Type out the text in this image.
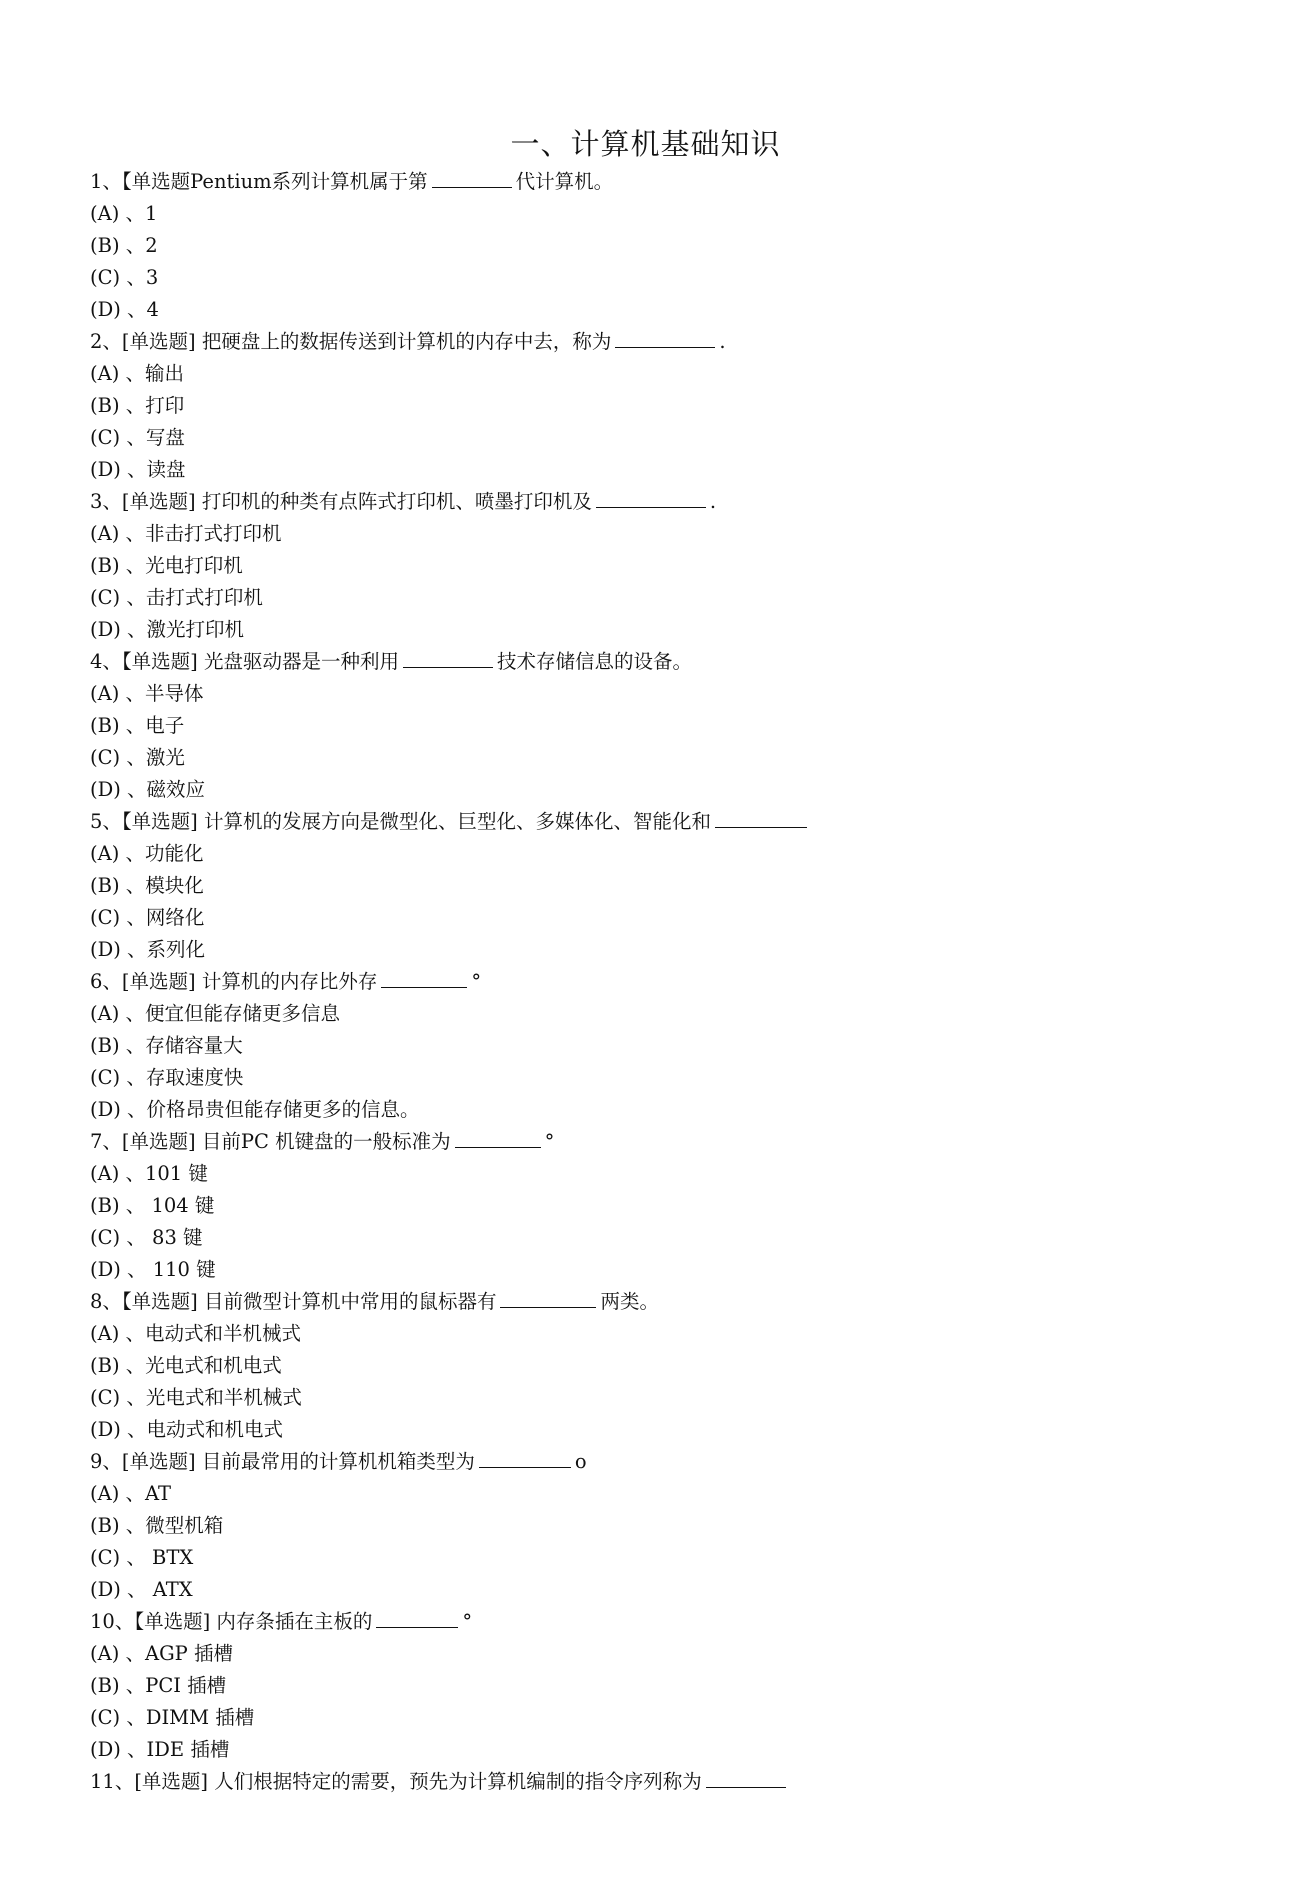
一、计算机基础知识
1、【单选题Pentium系列计算机属于第	代计算机。
(A) 、1
(B) 、2
(C) 、3
(D) 、4
2、[单选题] 把硬盘上的数据传送到计算机的内存中去，称为	.
(A) 、输出
(B) 、打印
(C) 、写盘
(D) 、读盘
3、[单选题] 打印机的种类有点阵式打印机、喷墨打印机及	.
(A) 、非击打式打印机
(B) 、光电打印机
(C) 、击打式打印机
(D) 、激光打印机
4、【单选题] 光盘驱动器是一种利用	技术存储信息的设备。
(A) 、半导体
(B) 、电子
(C) 、激光
(D) 、磁效应
5、【单选题] 计算机的发展方向是微型化、巨型化、多媒体化、智能化和
(A) 、功能化
(B) 、模块化
(C) 、网络化
(D) 、系列化
6、[单选题] 计算机的内存比外存	°
(A) 、便宜但能存储更多信息
(B) 、存储容量大
(C) 、存取速度快
(D) 、价格昂贵但能存储更多的信息。
7、[单选题] 目前PC 机键盘的一般标准为	°
(A) 、101 键
(B) 、 104 键
(C) 、 83 键
(D) 、 110 键
8、【单选题] 目前微型计算机中常用的鼠标器有	两类。
(A) 、电动式和半机械式
(B) 、光电式和机电式
(C) 、光电式和半机械式
(D) 、电动式和机电式
9、[单选题] 目前最常用的计算机机箱类型为	o
(A) 、AT
(B) 、微型机箱
(C) 、 BTX
(D) 、 ATX
10、【单选题] 内存条插在主板的	°
(A) 、AGP 插槽
(B) 、PCI 插槽
(C) 、DIMM 插槽
(D) 、IDE 插槽
11、[单选题] 人们根据特定的需要，预先为计算机编制的指令序列称为
